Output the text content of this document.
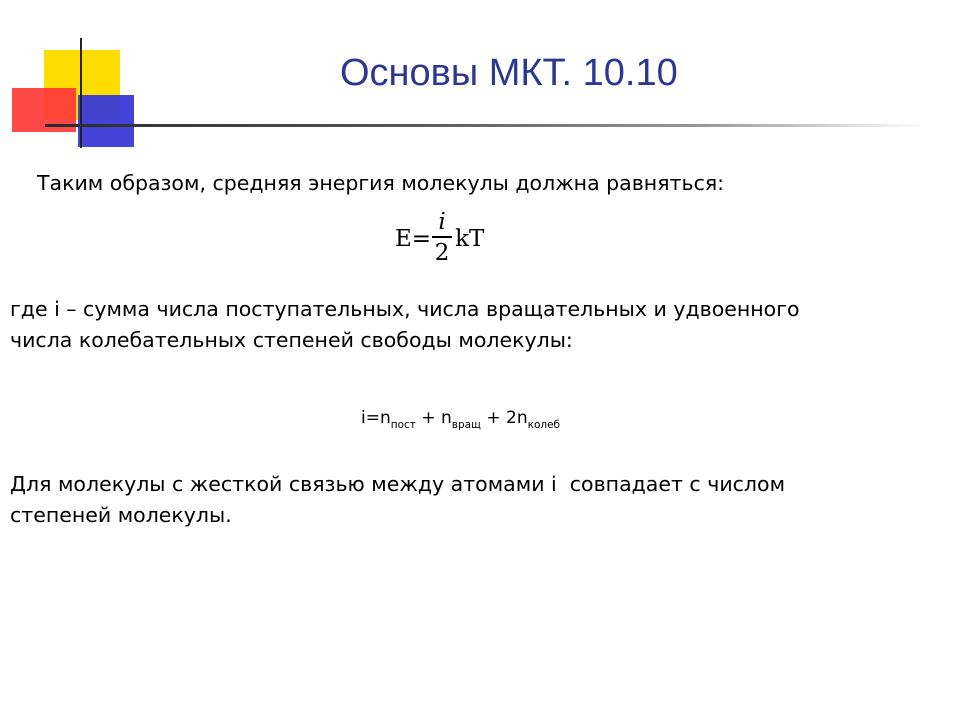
Основы МКТ. 10.10
Таким образом, средняя энергия молекулы должна равняться:
$E= \frac{i}{2}$ kT
где i – сумма числа поступательных, числа вращательных и удвоенного
числа колебательных степеней свободы молекулы:
$i=n_{пост} + n_{вращ} + 2n_{колеб}$
Для молекулы с жесткой связью между атомами i  совпадает с числом
степеней молекулы.
